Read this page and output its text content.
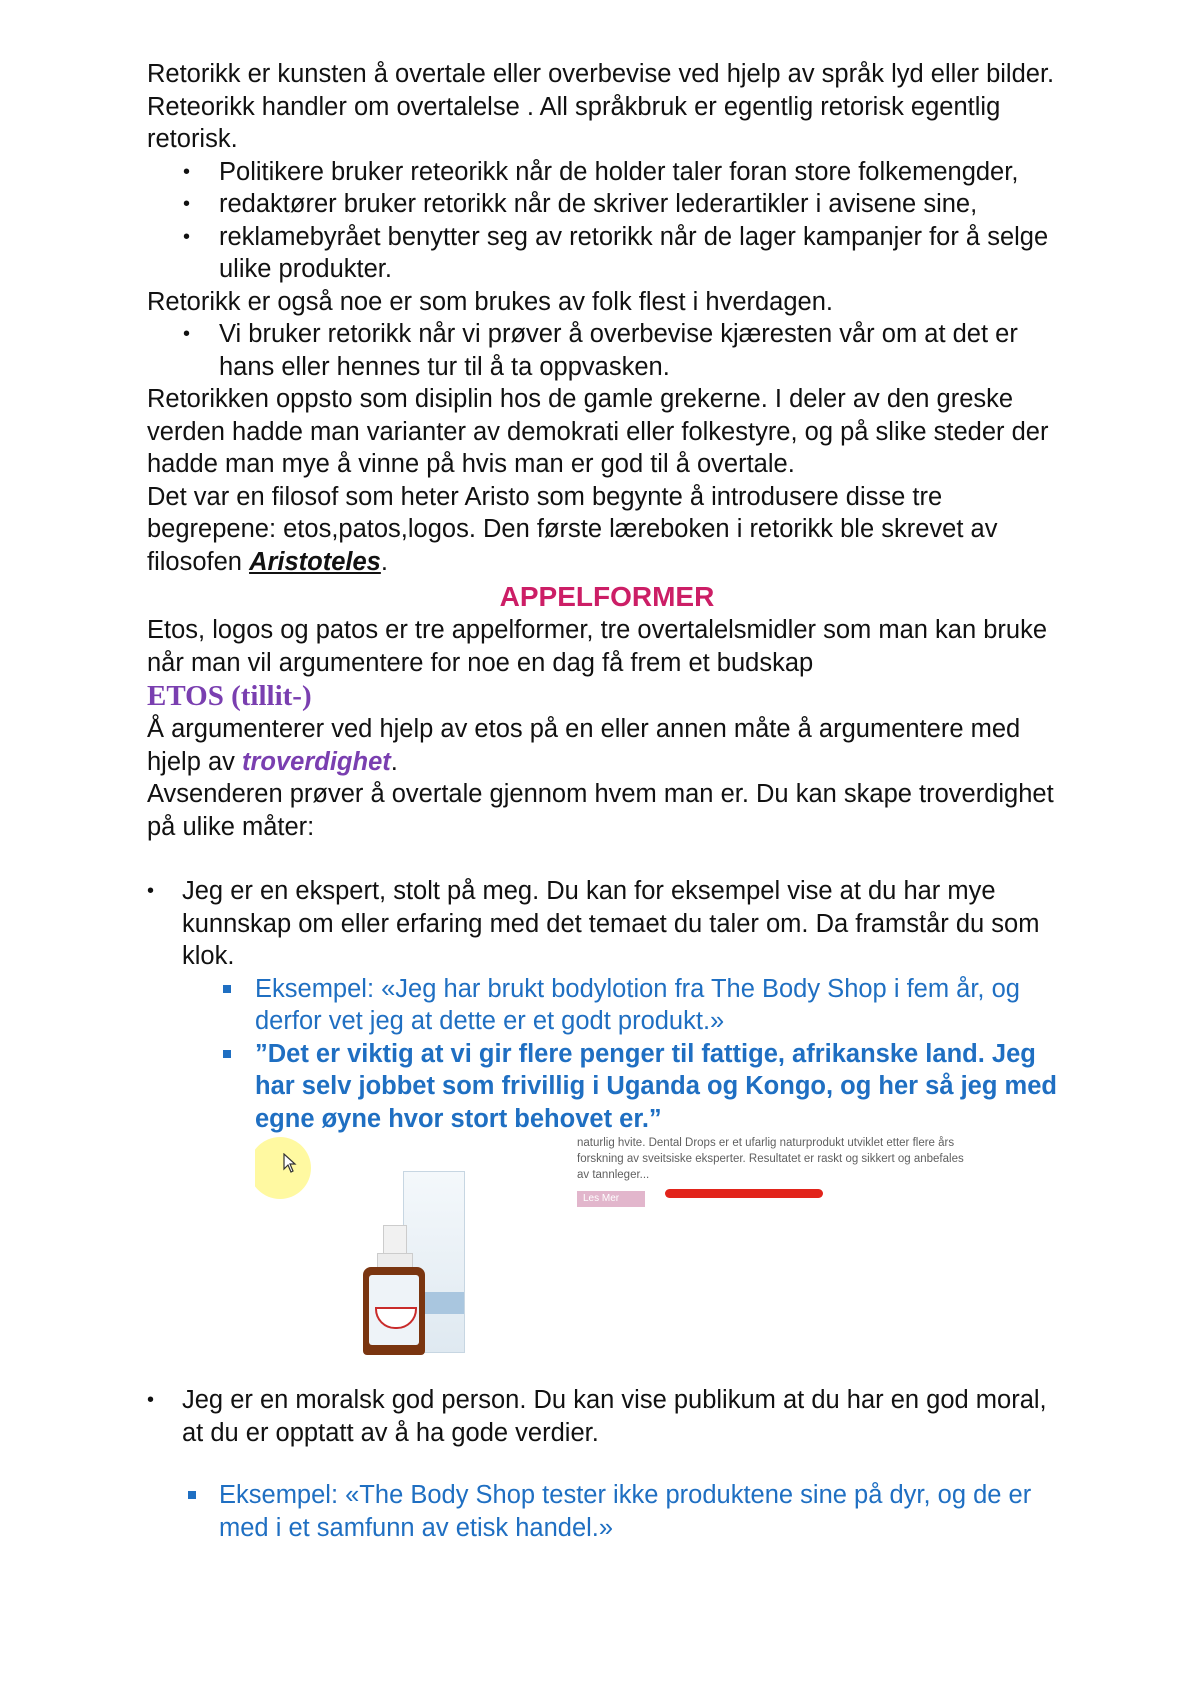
Retorikk er kunsten å overtale eller overbevise ved hjelp av språk lyd eller bilder. Reteorikk handler om overtalelse . All språkbruk er egentlig retorisk egentlig retorisk.

• Politikere bruker reteorikk når de holder taler foran store folkemengder,
• redaktører bruker retorikk når de skriver lederartikler i avisene sine,
• reklamebyrået benytter seg av retorikk når de lager kampanjer for å selge ulike produkter.

Retorikk er også noe er som brukes av folk flest i hverdagen.

• Vi bruker retorikk når vi prøver å overbevise kjæresten vår om at det er hans eller hennes tur til å ta oppvasken.

Retorikken oppsto som disiplin hos de gamle grekerne. I deler av den greske verden hadde man varianter av demokrati eller folkestyre, og på slike steder der hadde man mye å vinne på hvis man er god til å overtale.

Det var en filosof som heter Aristo som begynte å introdusere disse tre begrepene: etos,patos,logos. Den første læreboken i retorikk ble skrevet av filosofen Aristoteles.

APPELFORMER

Etos, logos og patos er tre appelformer, tre overtalelsmidler som man kan bruke når man vil argumentere for noe en dag få frem et budskap

ETOS (tillit-)

Å argumenterer ved hjelp av etos på en eller annen måte å argumentere med hjelp av troverdighet.

Avsenderen prøver å overtale gjennom hvem man er. Du kan skape troverdighet på ulike måter:

• Jeg er en ekspert, stolt på meg. Du kan for eksempel vise at du har mye kunnskap om eller erfaring med det temaet du taler om. Da framstår du som klok.
Eksempel: «Jeg har brukt bodylotion fra The Body Shop i fem år, og derfor vet jeg at dette er et godt produkt.»
”Det er viktig at vi gir flere penger til fattige, afrikanske land. Jeg har selv jobbet som frivillig i Uganda og Kongo, og her så jeg med egne øyne hvor stort behovet er.”
naturlig hvite. Dental Drops er et ufarlig naturprodukt utviklet etter flere års forskning av sveitsiske eksperter. Resultatet er raskt og sikkert og anbefales av tannleger...
Les Mer
• Jeg er en moralsk god person. Du kan vise publikum at du har en god moral, at du er opptatt av å ha gode verdier.
Eksempel: «The Body Shop tester ikke produktene sine på dyr, og de er med i et samfunn av etisk handel.»
